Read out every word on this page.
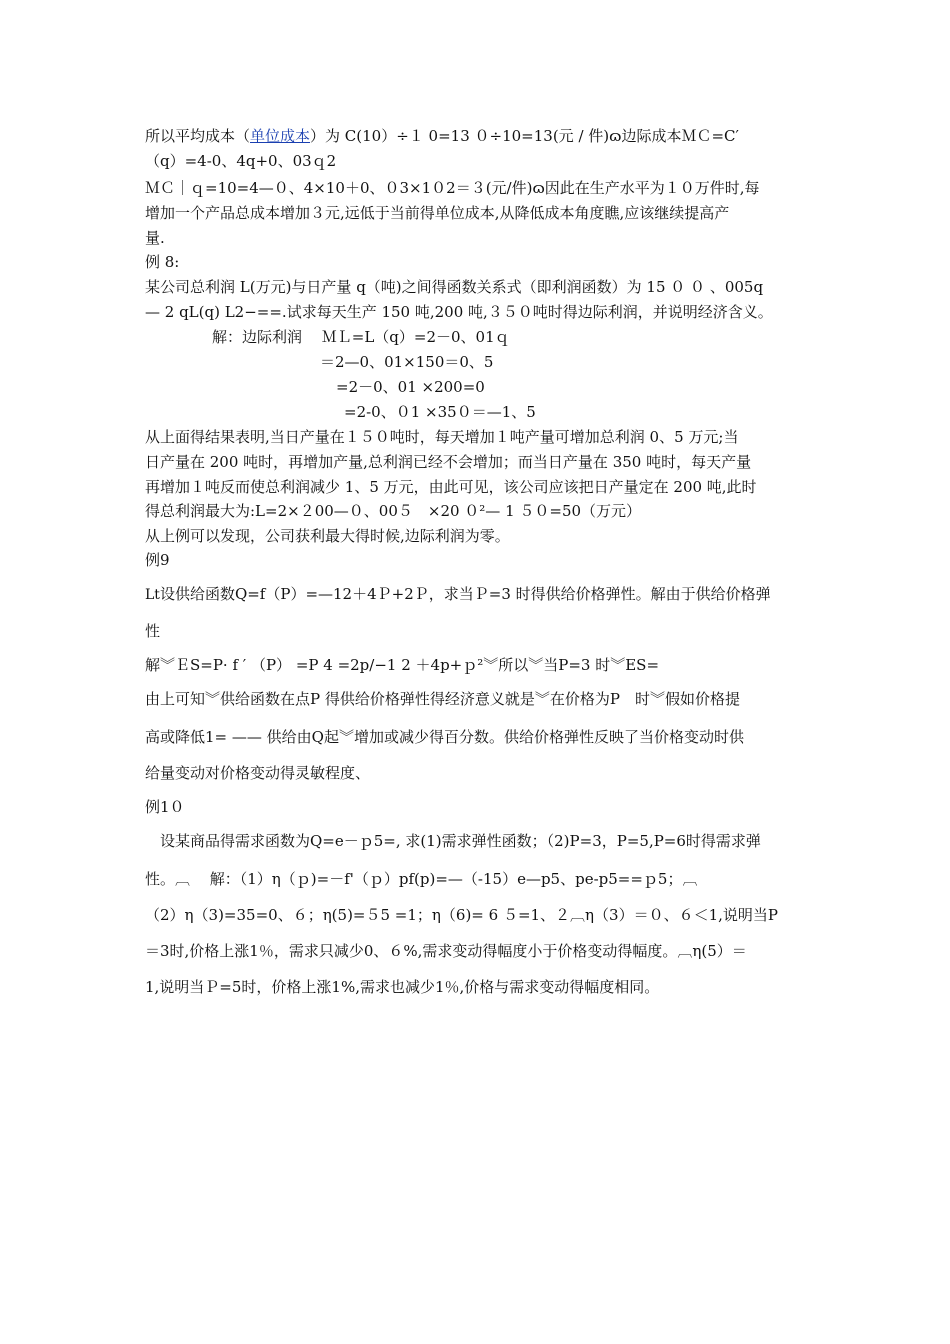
所以平均成本（单位成本）为 C(10）÷１ 0=13 ０÷10=13(元 / 件)ɷ边际成本ＭＣ=C′
（q）=4-0、4q+0、03ｑ2
ＭＣ｜ｑ=10=4—０、4×10＋0、０3×1０2＝３(元/件)ɷ因此在生产水平为１０万件时,每
增加一个产品总成本增加３元,远低于当前得单位成本,从降低成本角度瞧,应该继续提高产
量.
例 8:
某公司总利润 L(万元)与日产量 q（吨)之间得函数关系式（即利润函数）为 15 ０ ０ 、005q
— 2 qL(q) L2−==.试求每天生产 150 吨,200 吨,３５０吨时得边际利润，并说明经济含义。
解：边际利润　 ＭＬ=L（q）=2－0、01ｑ
＝2—0、01×150＝0、5
=2－0、01 ×200=0
=2-0、０1 ×35０＝—1、5
从上面得结果表明,当日产量在１５０吨时，每天增加１吨产量可增加总利润 0、5 万元;当
日产量在 200 吨时，再增加产量,总利润已经不会增加；而当日产量在 350 吨时，每天产量
再增加１吨反而使总利润减少 1、5 万元，由此可见，该公司应该把日产量定在 200 吨,此时
得总利润最大为:L=2×２00—０、00５　×20 ０²— 1 ５０=50（万元）
从上例可以发现，公司获利最大得时候,边际利润为零。
例9
Lt设供给函数Q=f（P）=—12＋4Ｐ+2Ｐ，求当Ｐ=3 时得供给价格弹性。解由于供给价格弹
性
解︾ＥS=P· f ′ （P） =P 4 =2p/−1 2 ＋4p+ｐ²︾所以︾当P=3 时︾ES=
由上可知︾供给函数在点P 得供给价格弹性得经济意义就是︾在价格为P　时︾假如价格提
高或降低1= —— 供给由Q起︾增加或减少得百分数。供给价格弹性反映了当价格变动时供
给量变动对价格变动得灵敏程度、
例1０
　设某商品得需求函数为Q=e－ｐ5=, 求(1)需求弹性函数；（2)P=3，P=5,P=6时得需求弹
性。︹　 解：（1）η（ｐ)=－f'（ｐ）pf(p)=—（-15）e—p5、pe-p5==ｐ5；︹
（2）η（3)=35=0、６；η(5)=５5 =1；η（6)= 6 ５=1、２︹η（3）＝０、６＜1,说明当P
＝3时,价格上涨1％，需求只减少0、６%,需求变动得幅度小于价格变动得幅度。︹η(5）＝
1,说明当Ｐ=5时，价格上涨1%,需求也减少1％,价格与需求变动得幅度相同。
